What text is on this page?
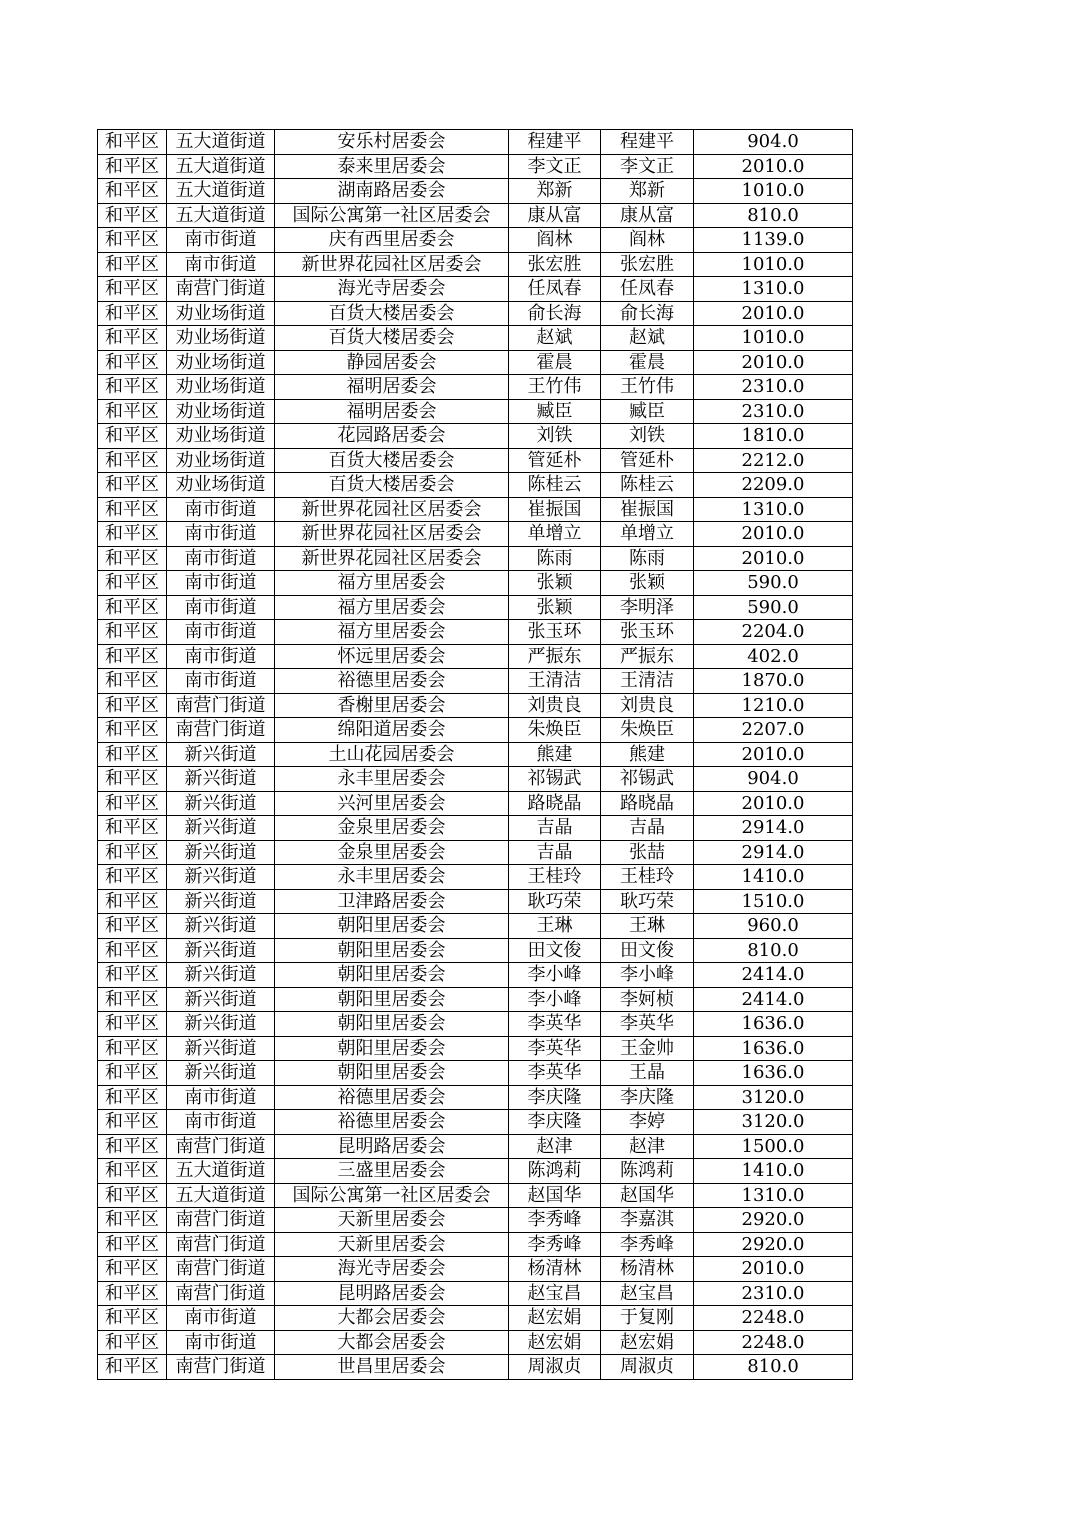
和平区	五大道街道	安乐村居委会	程建平	程建平	904.0
和平区	五大道街道	泰来里居委会	李文正	李文正	2010.0
和平区	五大道街道	湖南路居委会	郑新	郑新	1010.0
和平区	五大道街道	国际公寓第一社区居委会	康从富	康从富	810.0
和平区	南市街道	庆有西里居委会	阎林	阎林	1139.0
和平区	南市街道	新世界花园社区居委会	张宏胜	张宏胜	1010.0
和平区	南营门街道	海光寺居委会	任凤春	任凤春	1310.0
和平区	劝业场街道	百货大楼居委会	俞长海	俞长海	2010.0
和平区	劝业场街道	百货大楼居委会	赵斌	赵斌	1010.0
和平区	劝业场街道	静园居委会	霍晨	霍晨	2010.0
和平区	劝业场街道	福明居委会	王竹伟	王竹伟	2310.0
和平区	劝业场街道	福明居委会	臧臣	臧臣	2310.0
和平区	劝业场街道	花园路居委会	刘铁	刘铁	1810.0
和平区	劝业场街道	百货大楼居委会	管延朴	管延朴	2212.0
和平区	劝业场街道	百货大楼居委会	陈桂云	陈桂云	2209.0
和平区	南市街道	新世界花园社区居委会	崔振国	崔振国	1310.0
和平区	南市街道	新世界花园社区居委会	单增立	单增立	2010.0
和平区	南市街道	新世界花园社区居委会	陈雨	陈雨	2010.0
和平区	南市街道	福方里居委会	张颖	张颖	590.0
和平区	南市街道	福方里居委会	张颖	李明泽	590.0
和平区	南市街道	福方里居委会	张玉环	张玉环	2204.0
和平区	南市街道	怀远里居委会	严振东	严振东	402.0
和平区	南市街道	裕德里居委会	王清洁	王清洁	1870.0
和平区	南营门街道	香榭里居委会	刘贵良	刘贵良	1210.0
和平区	南营门街道	绵阳道居委会	朱焕臣	朱焕臣	2207.0
和平区	新兴街道	土山花园居委会	熊建	熊建	2010.0
和平区	新兴街道	永丰里居委会	祁锡武	祁锡武	904.0
和平区	新兴街道	兴河里居委会	路晓晶	路晓晶	2010.0
和平区	新兴街道	金泉里居委会	吉晶	吉晶	2914.0
和平区	新兴街道	金泉里居委会	吉晶	张喆	2914.0
和平区	新兴街道	永丰里居委会	王桂玲	王桂玲	1410.0
和平区	新兴街道	卫津路居委会	耿巧荣	耿巧荣	1510.0
和平区	新兴街道	朝阳里居委会	王琳	王琳	960.0
和平区	新兴街道	朝阳里居委会	田文俊	田文俊	810.0
和平区	新兴街道	朝阳里居委会	李小峰	李小峰	2414.0
和平区	新兴街道	朝阳里居委会	李小峰	李妸桢	2414.0
和平区	新兴街道	朝阳里居委会	李英华	李英华	1636.0
和平区	新兴街道	朝阳里居委会	李英华	王金帅	1636.0
和平区	新兴街道	朝阳里居委会	李英华	王晶	1636.0
和平区	南市街道	裕德里居委会	李庆隆	李庆隆	3120.0
和平区	南市街道	裕德里居委会	李庆隆	李婷	3120.0
和平区	南营门街道	昆明路居委会	赵津	赵津	1500.0
和平区	五大道街道	三盛里居委会	陈鸿莉	陈鸿莉	1410.0
和平区	五大道街道	国际公寓第一社区居委会	赵国华	赵国华	1310.0
和平区	南营门街道	天新里居委会	李秀峰	李嘉淇	2920.0
和平区	南营门街道	天新里居委会	李秀峰	李秀峰	2920.0
和平区	南营门街道	海光寺居委会	杨清林	杨清林	2010.0
和平区	南营门街道	昆明路居委会	赵宝昌	赵宝昌	2310.0
和平区	南市街道	大都会居委会	赵宏娟	于复刚	2248.0
和平区	南市街道	大都会居委会	赵宏娟	赵宏娟	2248.0
和平区	南营门街道	世昌里居委会	周淑贞	周淑贞	810.0
